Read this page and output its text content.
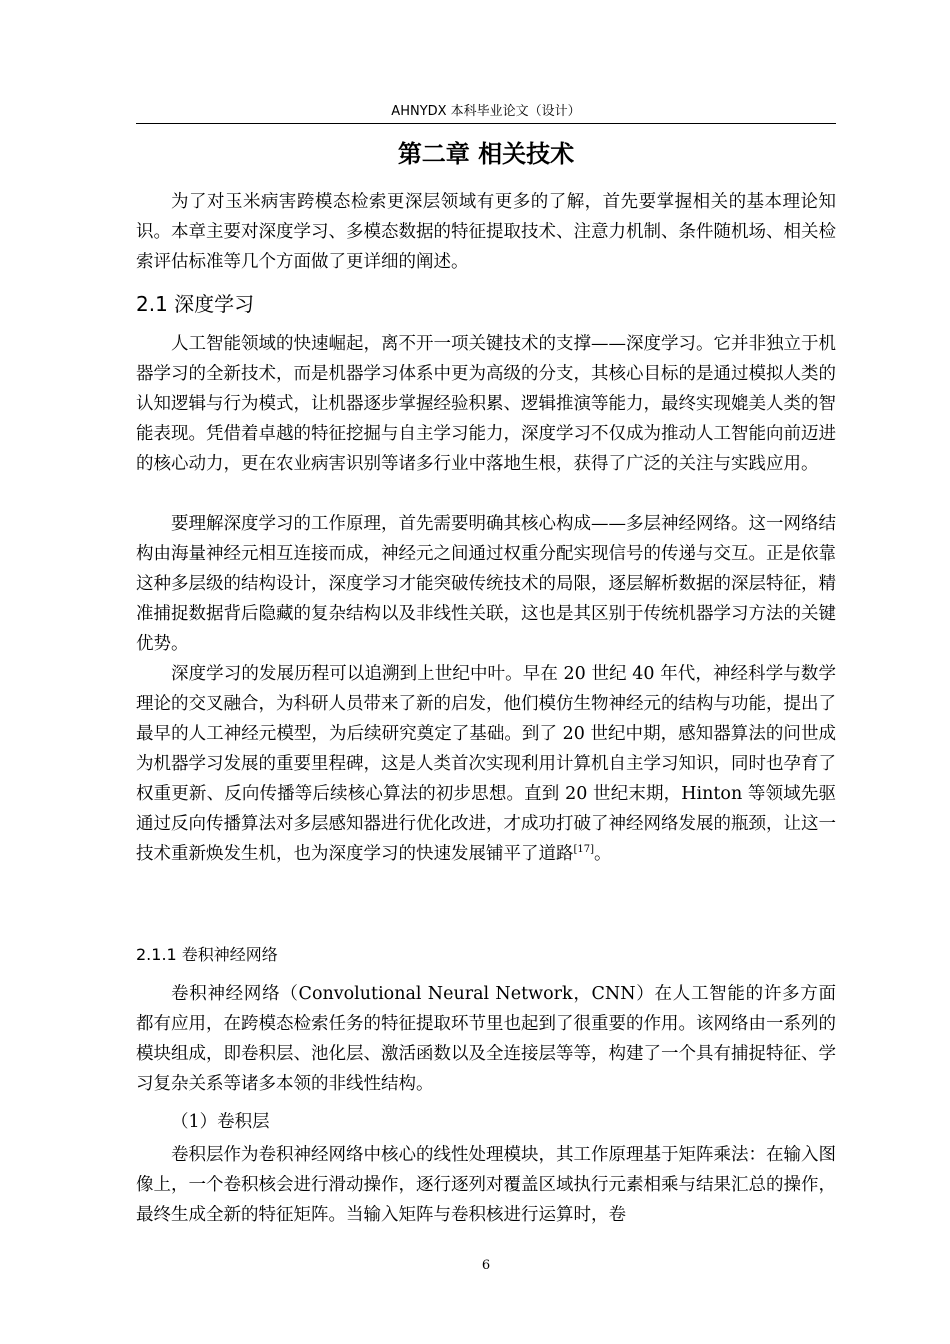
AHNYDX 本科毕业论文（设计）
第二章 相关技术

为了对玉米病害跨模态检索更深层领域有更多的了解，首先要掌握相关的基本理论知识。本章主要对深度学习、多模态数据的特征提取技术、注意力机制、条件随机场、相关检索评估标准等几个方面做了更详细的阐述。

2.1 深度学习

人工智能领域的快速崛起，离不开一项关键技术的支撑——深度学习。它并非独立于机器学习的全新技术，而是机器学习体系中更为高级的分支，其核心目标的是通过模拟人类的认知逻辑与行为模式，让机器逐步掌握经验积累、逻辑推演等能力，最终实现媲美人类的智能表现。凭借着卓越的特征挖掘与自主学习能力，深度学习不仅成为推动人工智能向前迈进的核心动力，更在农业病害识别等诸多行业中落地生根，获得了广泛的关注与实践应用。

要理解深度学习的工作原理，首先需要明确其核心构成——多层神经网络。这一网络结构由海量神经元相互连接而成，神经元之间通过权重分配实现信号的传递与交互。正是依靠这种多层级的结构设计，深度学习才能突破传统技术的局限，逐层解析数据的深层特征，精准捕捉数据背后隐藏的复杂结构以及非线性关联，这也是其区别于传统机器学习方法的关键优势。

深度学习的发展历程可以追溯到上世纪中叶。早在 20 世纪 40 年代，神经科学与数学理论的交叉融合，为科研人员带来了新的启发，他们模仿生物神经元的结构与功能，提出了最早的人工神经元模型，为后续研究奠定了基础。到了 20 世纪中期，感知器算法的问世成为机器学习发展的重要里程碑，这是人类首次实现利用计算机自主学习知识，同时也孕育了权重更新、反向传播等后续核心算法的初步思想。直到 20 世纪末期，Hinton 等领域先驱通过反向传播算法对多层感知器进行优化改进，才成功打破了神经网络发展的瓶颈，让这一技术重新焕发生机，也为深度学习的快速发展铺平了道路[17]。

2.1.1 卷积神经网络

卷积神经网络（Convolutional Neural Network，CNN）在人工智能的许多方面都有应用，在跨模态检索任务的特征提取环节里也起到了很重要的作用。该网络由一系列的模块组成，即卷积层、池化层、激活函数以及全连接层等等，构建了一个具有捕捉特征、学习复杂关系等诸多本领的非线性结构。

（1）卷积层

卷积层作为卷积神经网络中核心的线性处理模块，其工作原理基于矩阵乘法：在输入图像上，一个卷积核会进行滑动操作，逐行逐列对覆盖区域执行元素相乘与结果汇总的操作，最终生成全新的特征矩阵。当输入矩阵与卷积核进行运算时，卷

6
